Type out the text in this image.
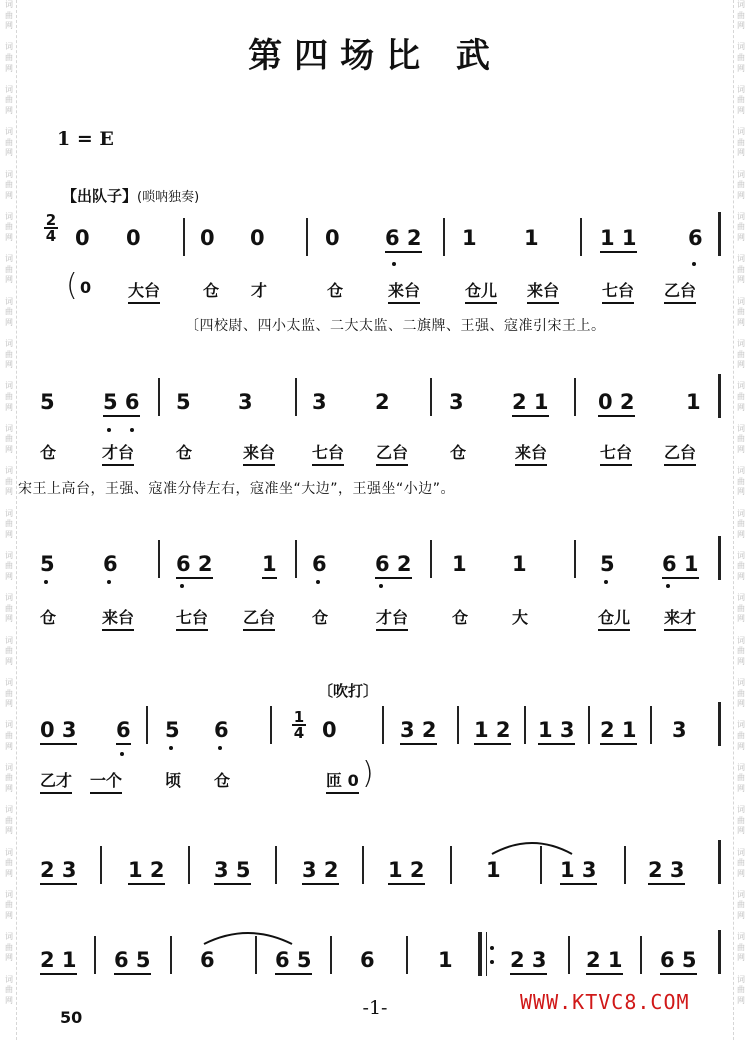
词
曲
网

词
曲
网

词
曲
网

词
曲
网

词
曲
网

词
曲
网

词
曲
网

词
曲
网

词
曲
网

词
曲
网

词
曲
网

词
曲
网

词
曲
网

词
曲
网

词
曲
网

词
曲
网

词
曲
网

词
曲
网

词
曲
网

词
曲
网

词
曲
网

词
曲
网

词
曲
网

词
曲
网
词
曲
网

词
曲
网

词
曲
网

词
曲
网

词
曲
网

词
曲
网

词
曲
网

词
曲
网

词
曲
网

词
曲
网

词
曲
网

词
曲
网

词
曲
网

词
曲
网

词
曲
网

词
曲
网

词
曲
网

词
曲
网

词
曲
网

词
曲
网

词
曲
网

词
曲
网

词
曲
网

词
曲
网
第四场比 武
1 = E
【出队子】(唢呐独奏)
$\frac{2}{4} 0$ 0	0 0	0 6 2 1 1	1 1 6
( 0 大台	仓 才	仓	来台	仓儿 来台	七台 乙台
〔四校尉、四小太监、二大太监、二旗牌、王强、寇准引宋王上。
5 5 6 5 3	3 2	3 2 1 0 2 1
仓	才台	仓	来台 七台 乙台	仓	来台	七台 乙台
宋王上高台，王强、寇准分侍左右，寇准坐“大边”，王强坐“小边”。
5 6	6 2 1 6 6 2 1 1	5 6 1
仓	来台	七台 乙台 仓	才台	仓	大	仓儿 来才
〔吹打〕
0 3 6 5 6	$\frac{1}{4} 0$	3 2 1 2 1 3 2 1 3
乙才 一个	顷 仓	匝 0 )
2 3 1 2 3 5 3 2 1 2	1	1 3 2 3
2 1 6 5 6	6 5 6	1	2 3 2 1 6 5
50	-1-	WWW.KTVC8.COM
